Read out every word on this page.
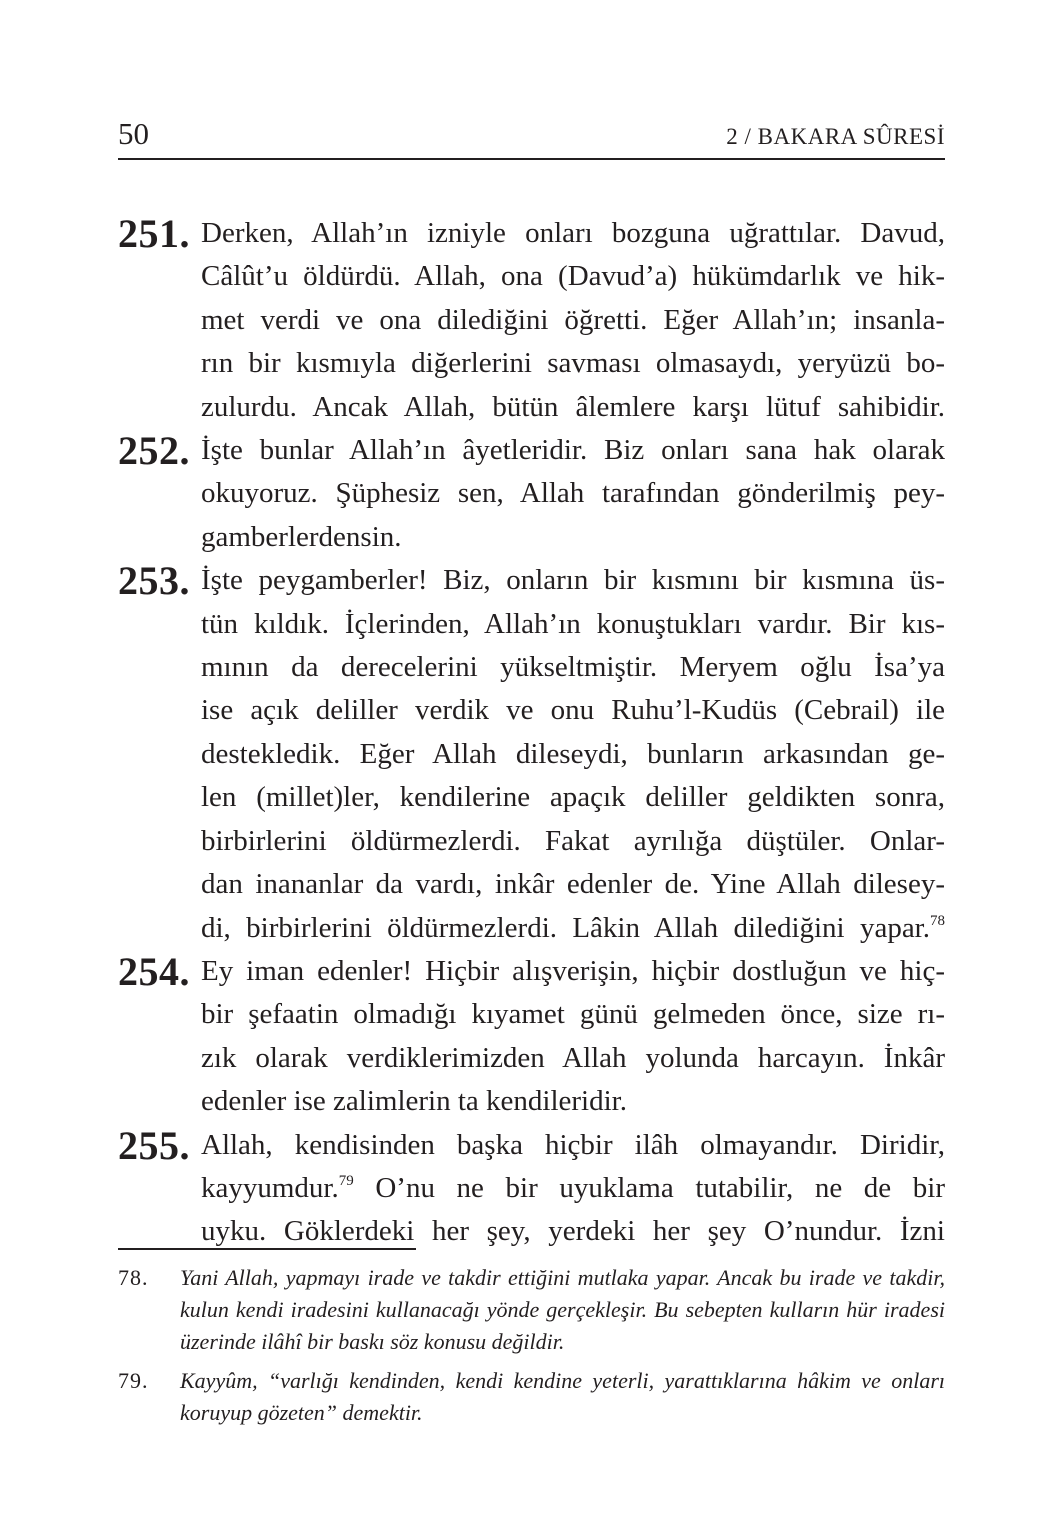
50	2 / BAKARA SÛRESİ
251. Derken, Allah’ın izniyle onları bozguna uğrattılar. Davud,
Câlût’u öldürdü. Allah, ona (Davud’a) hükümdarlık ve hik-
met verdi ve ona dilediğini öğretti. Eğer Allah’ın; insanla-
rın bir kısmıyla diğerlerini savması olmasaydı, yeryüzü bo-
zulurdu. Ancak Allah, bütün âlemlere karşı lütuf sahibidir.
252. İşte bunlar Allah’ın âyetleridir. Biz onları sana hak olarak
okuyoruz. Şüphesiz sen, Allah tarafından gönderilmiş pey-
gamberlerdensin.
253. İşte peygamberler! Biz, onların bir kısmını bir kısmına üs-
tün kıldık. İçlerinden, Allah’ın konuştukları vardır. Bir kıs-
mının da derecelerini yükseltmiştir. Meryem oğlu İsa’ya
ise açık deliller verdik ve onu Ruhu’l-Kudüs (Cebrail) ile
destekledik. Eğer Allah dileseydi, bunların arkasından ge-
len (millet)ler, kendilerine apaçık deliller geldikten sonra,
birbirlerini öldürmezlerdi. Fakat ayrılığa düştüler. Onlar-
dan inananlar da vardı, inkâr edenler de. Yine Allah dilesey-
di, birbirlerini öldürmezlerdi. Lâkin Allah dilediğini yapar.$^{78}$
254. Ey iman edenler! Hiçbir alışverişin, hiçbir dostluğun ve hiç-
bir şefaatin olmadığı kıyamet günü gelmeden önce, size rı-
zık olarak verdiklerimizden Allah yolunda harcayın. İnkâr
edenler ise zalimlerin ta kendileridir.
255. Allah, kendisinden başka hiçbir ilâh olmayandır. Diridir,
kayyumdur.$^{79}$ O’nu ne bir uyuklama tutabilir, ne de bir
uyku. Göklerdeki her şey, yerdeki her şey O’nundur. İzni
78. Yani Allah, yapmayı irade ve takdir ettiğini mutlaka yapar. Ancak bu irade ve takdir,
kulun kendi iradesini kullanacağı yönde gerçekleşir. Bu sebepten kulların hür iradesi
üzerinde ilâhî bir baskı söz konusu değildir.
79. Kayyûm, “varlığı kendinden, kendi kendine yeterli, yarattıklarına hâkim ve onları
koruyup gözeten” demektir.
